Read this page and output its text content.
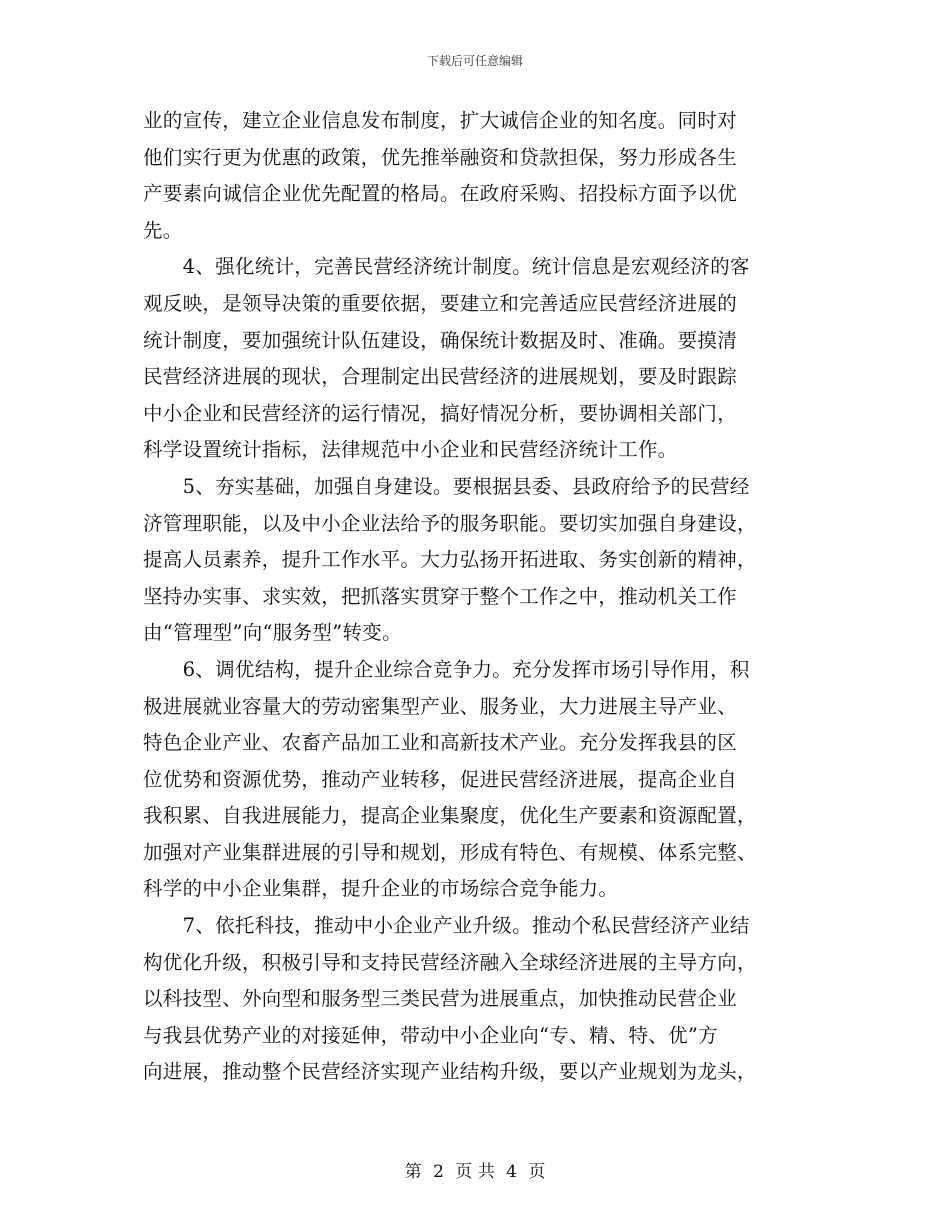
下载后可任意编辑
业的宣传，建立企业信息发布制度，扩大诚信企业的知名度。同时对
他们实行更为优惠的政策，优先推举融资和贷款担保，努力形成各生
产要素向诚信企业优先配置的格局。在政府采购、招投标方面予以优
先。
　　4、强化统计，完善民营经济统计制度。统计信息是宏观经济的客
观反映，是领导决策的重要依据，要建立和完善适应民营经济进展的
统计制度，要加强统计队伍建设，确保统计数据及时、准确。要摸清
民营经济进展的现状，合理制定出民营经济的进展规划，要及时跟踪
中小企业和民营经济的运行情况，搞好情况分析，要协调相关部门，
科学设置统计指标，法律规范中小企业和民营经济统计工作。
　　5、夯实基础，加强自身建设。要根据县委、县政府给予的民营经
济管理职能，以及中小企业法给予的服务职能。要切实加强自身建设，
提高人员素养，提升工作水平。大力弘扬开拓进取、务实创新的精神，
坚持办实事、求实效，把抓落实贯穿于整个工作之中，推动机关工作
由“管理型”向“服务型”转变。
　　6、调优结构，提升企业综合竞争力。充分发挥市场引导作用，积
极进展就业容量大的劳动密集型产业、服务业，大力进展主导产业、
特色企业产业、农畜产品加工业和高新技术产业。充分发挥我县的区
位优势和资源优势，推动产业转移，促进民营经济进展，提高企业自
我积累、自我进展能力，提高企业集聚度，优化生产要素和资源配置，
加强对产业集群进展的引导和规划，形成有特色、有规模、体系完整、
科学的中小企业集群，提升企业的市场综合竞争能力。
　　7、依托科技，推动中小企业产业升级。推动个私民营经济产业结
构优化升级，积极引导和支持民营经济融入全球经济进展的主导方向，
以科技型、外向型和服务型三类民营为进展重点，加快推动民营企业
与我县优势产业的对接延伸，带动中小企业向“专、精、特、优”方
向进展，推动整个民营经济实现产业结构升级，要以产业规划为龙头，
第 2 页 共 4 页
